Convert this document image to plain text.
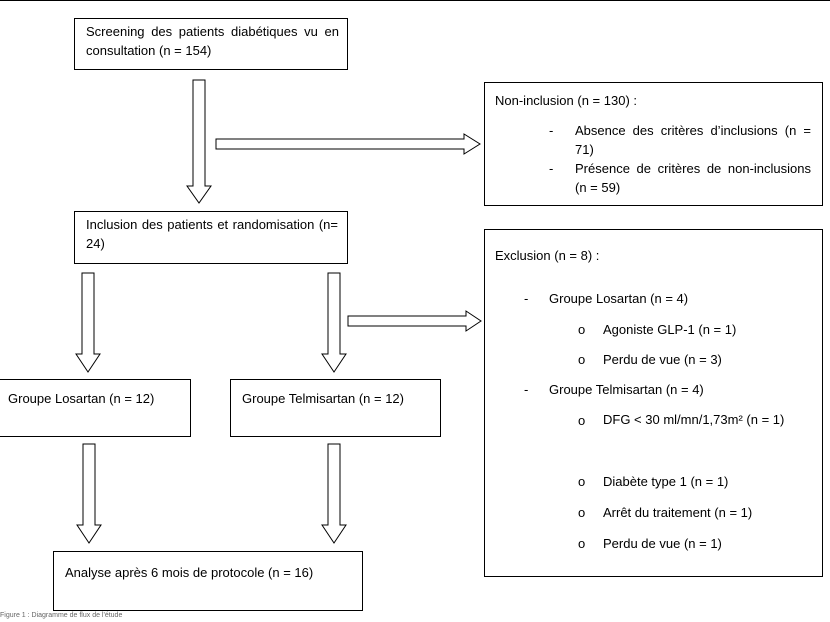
Screening des patients diabétiques vu en consultation (n = 154)
Non-inclusion (n = 130) :
- Absence des critères d’inclusions (n = 71)
- Présence de critères de non-inclusions (n = 59)
Inclusion des patients et randomisation (n= 24)
Exclusion (n = 8) :
- Groupe Losartan (n = 4)
o Agoniste GLP-1 (n = 1)
o Perdu de vue (n = 3)
- Groupe Telmisartan (n = 4)
o DFG < 30 ml/mn/1,73m² (n = 1)
o Diabète type 1 (n = 1)
o Arrêt du traitement (n = 1)
o Perdu de vue (n = 1)
Groupe Losartan (n = 12)	Groupe Telmisartan (n = 12)
Analyse après 6 mois de protocole (n = 16)
Figure 1 : Diagramme de flux de l'étude
